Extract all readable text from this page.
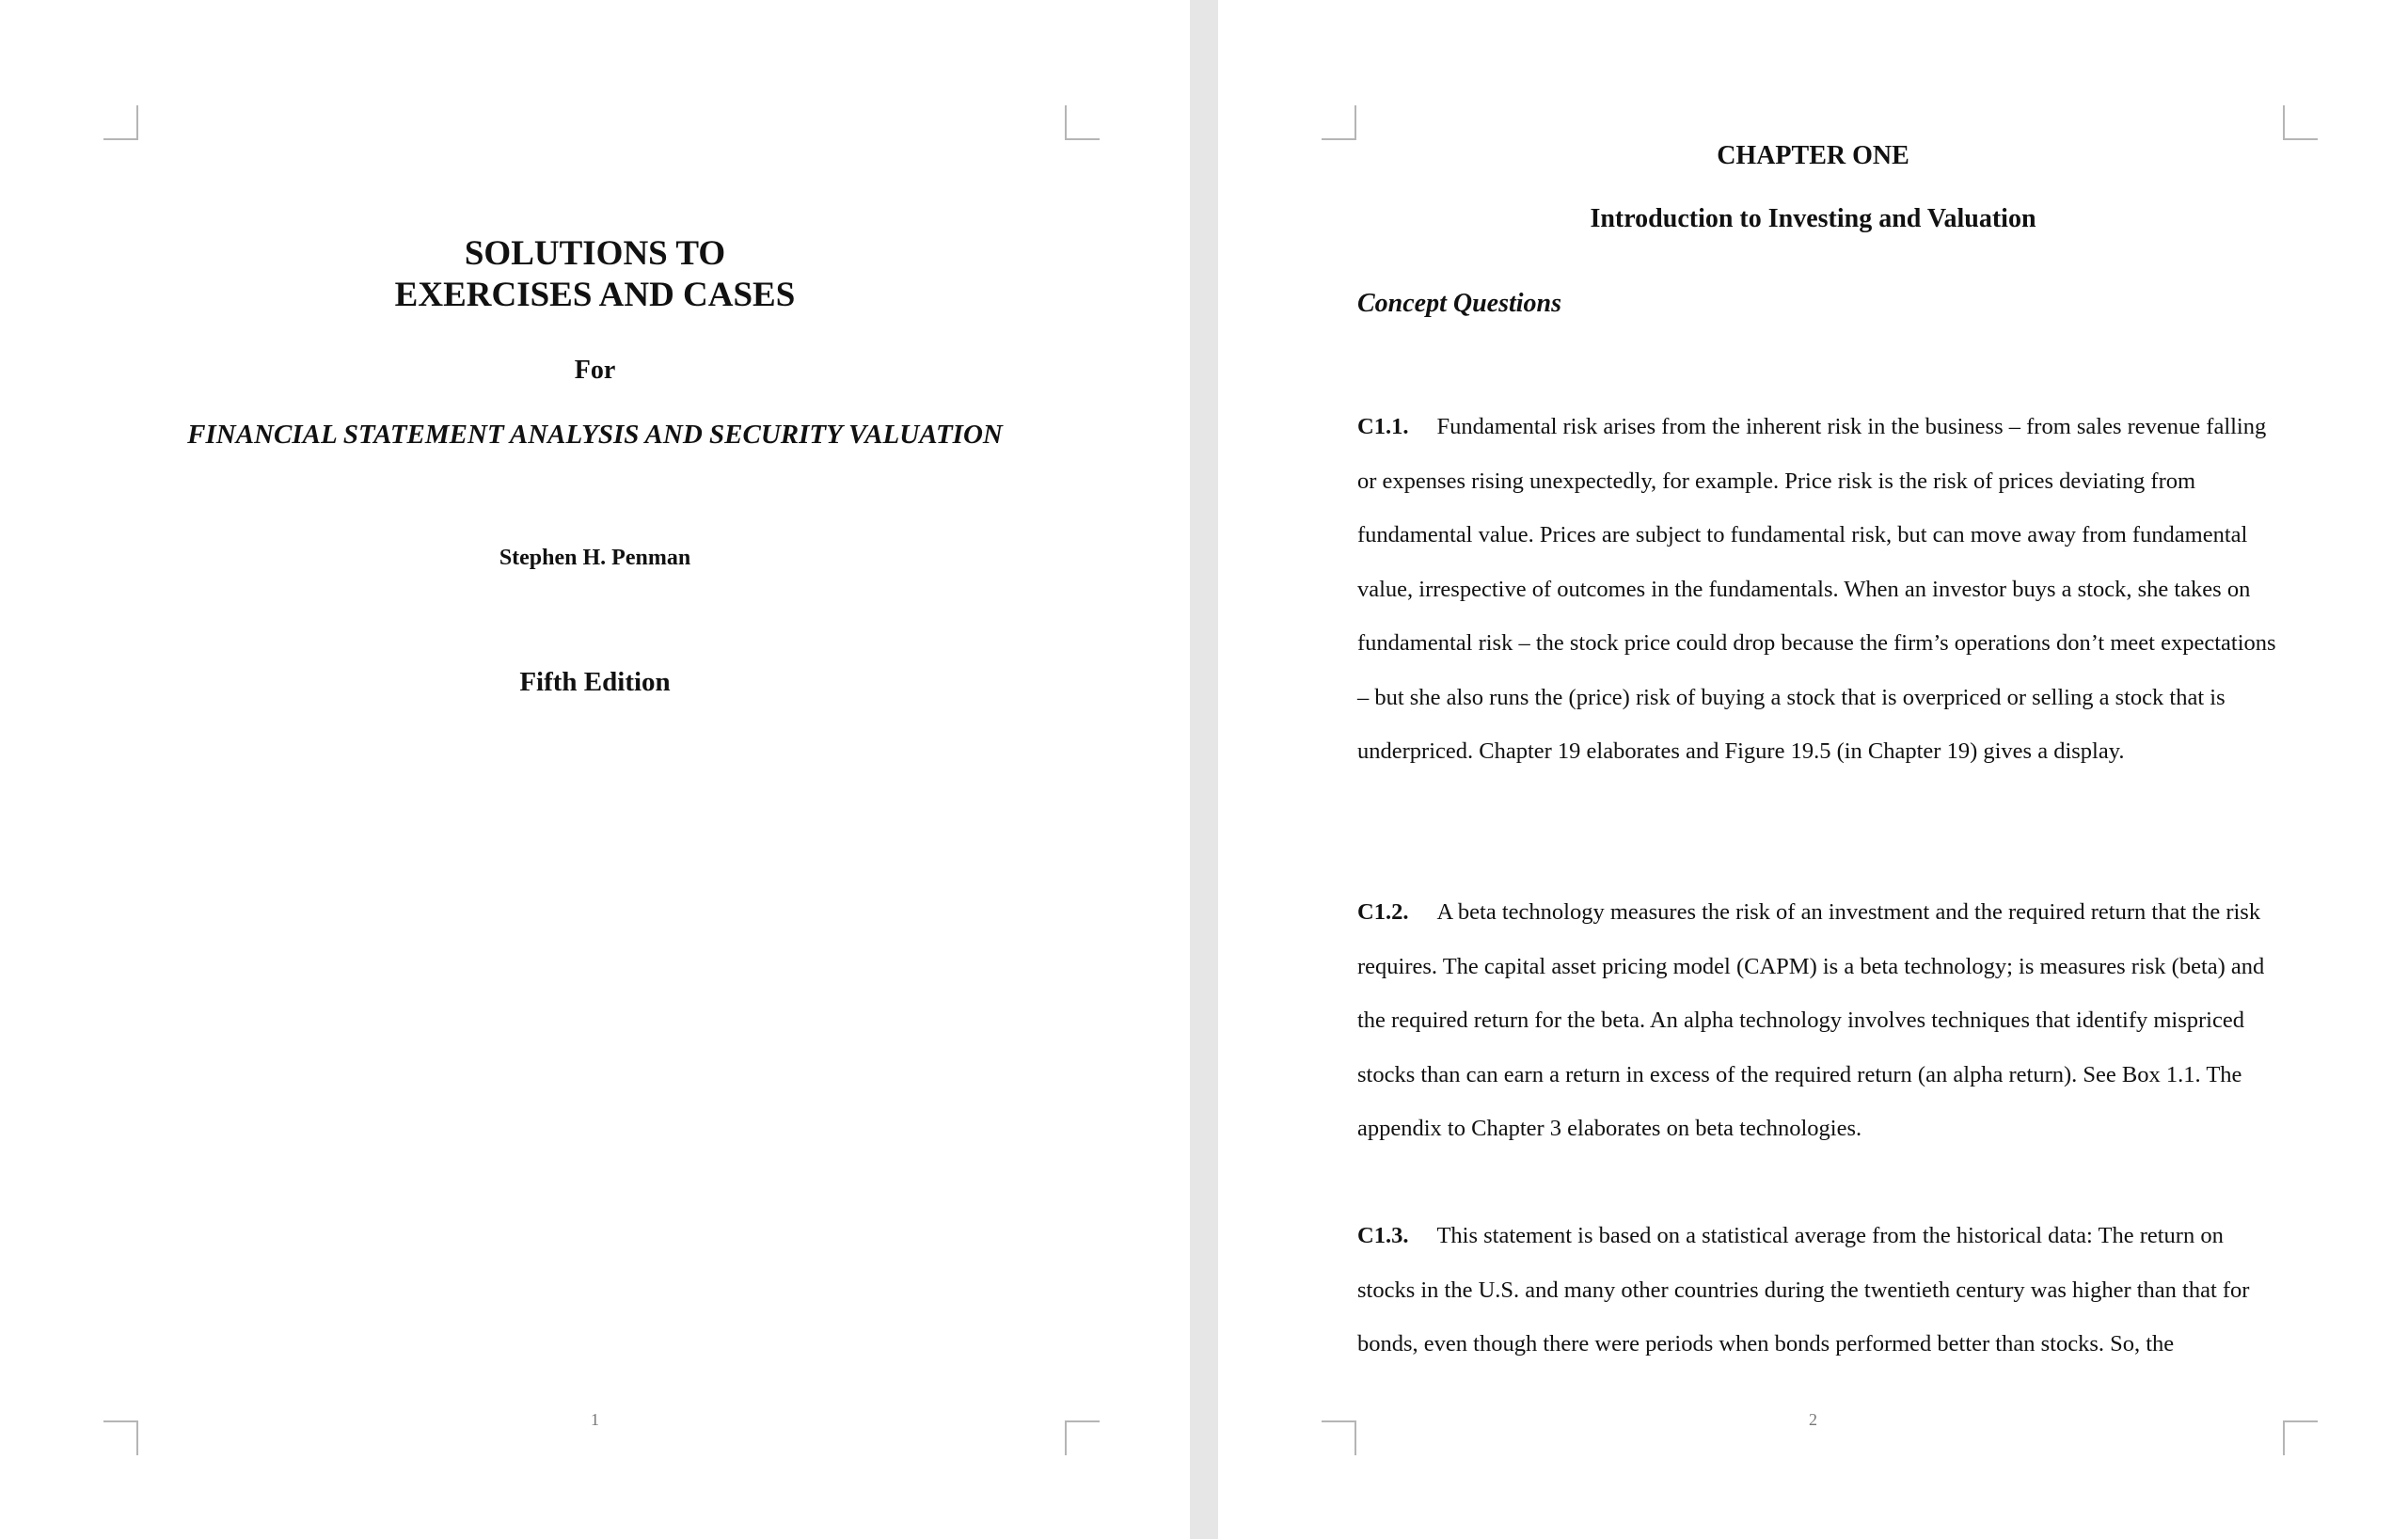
SOLUTIONS TO
EXERCISES AND CASES

For

FINANCIAL STATEMENT ANALYSIS AND SECURITY VALUATION

Stephen H. Penman

Fifth Edition

1

CHAPTER ONE

Introduction to Investing and Valuation

Concept Questions

C1.1. Fundamental risk arises from the inherent risk in the business – from sales revenue falling or expenses rising unexpectedly, for example. Price risk is the risk of prices deviating from fundamental value. Prices are subject to fundamental risk, but can move away from fundamental value, irrespective of outcomes in the fundamentals. When an investor buys a stock, she takes on fundamental risk – the stock price could drop because the firm’s operations don’t meet expectations – but she also runs the (price) risk of buying a stock that is overpriced or selling a stock that is underpriced. Chapter 19 elaborates and Figure 19.5 (in Chapter 19) gives a display.

C1.2. A beta technology measures the risk of an investment and the required return that the risk requires. The capital asset pricing model (CAPM) is a beta technology; is measures risk (beta) and the required return for the beta. An alpha technology involves techniques that identify mispriced stocks than can earn a return in excess of the required return (an alpha return). See Box 1.1. The appendix to Chapter 3 elaborates on beta technologies.

C1.3. This statement is based on a statistical average from the historical data: The return on stocks in the U.S. and many other countries during the twentieth century was higher than that for bonds, even though there were periods when bonds performed better than stocks. So, the

2
